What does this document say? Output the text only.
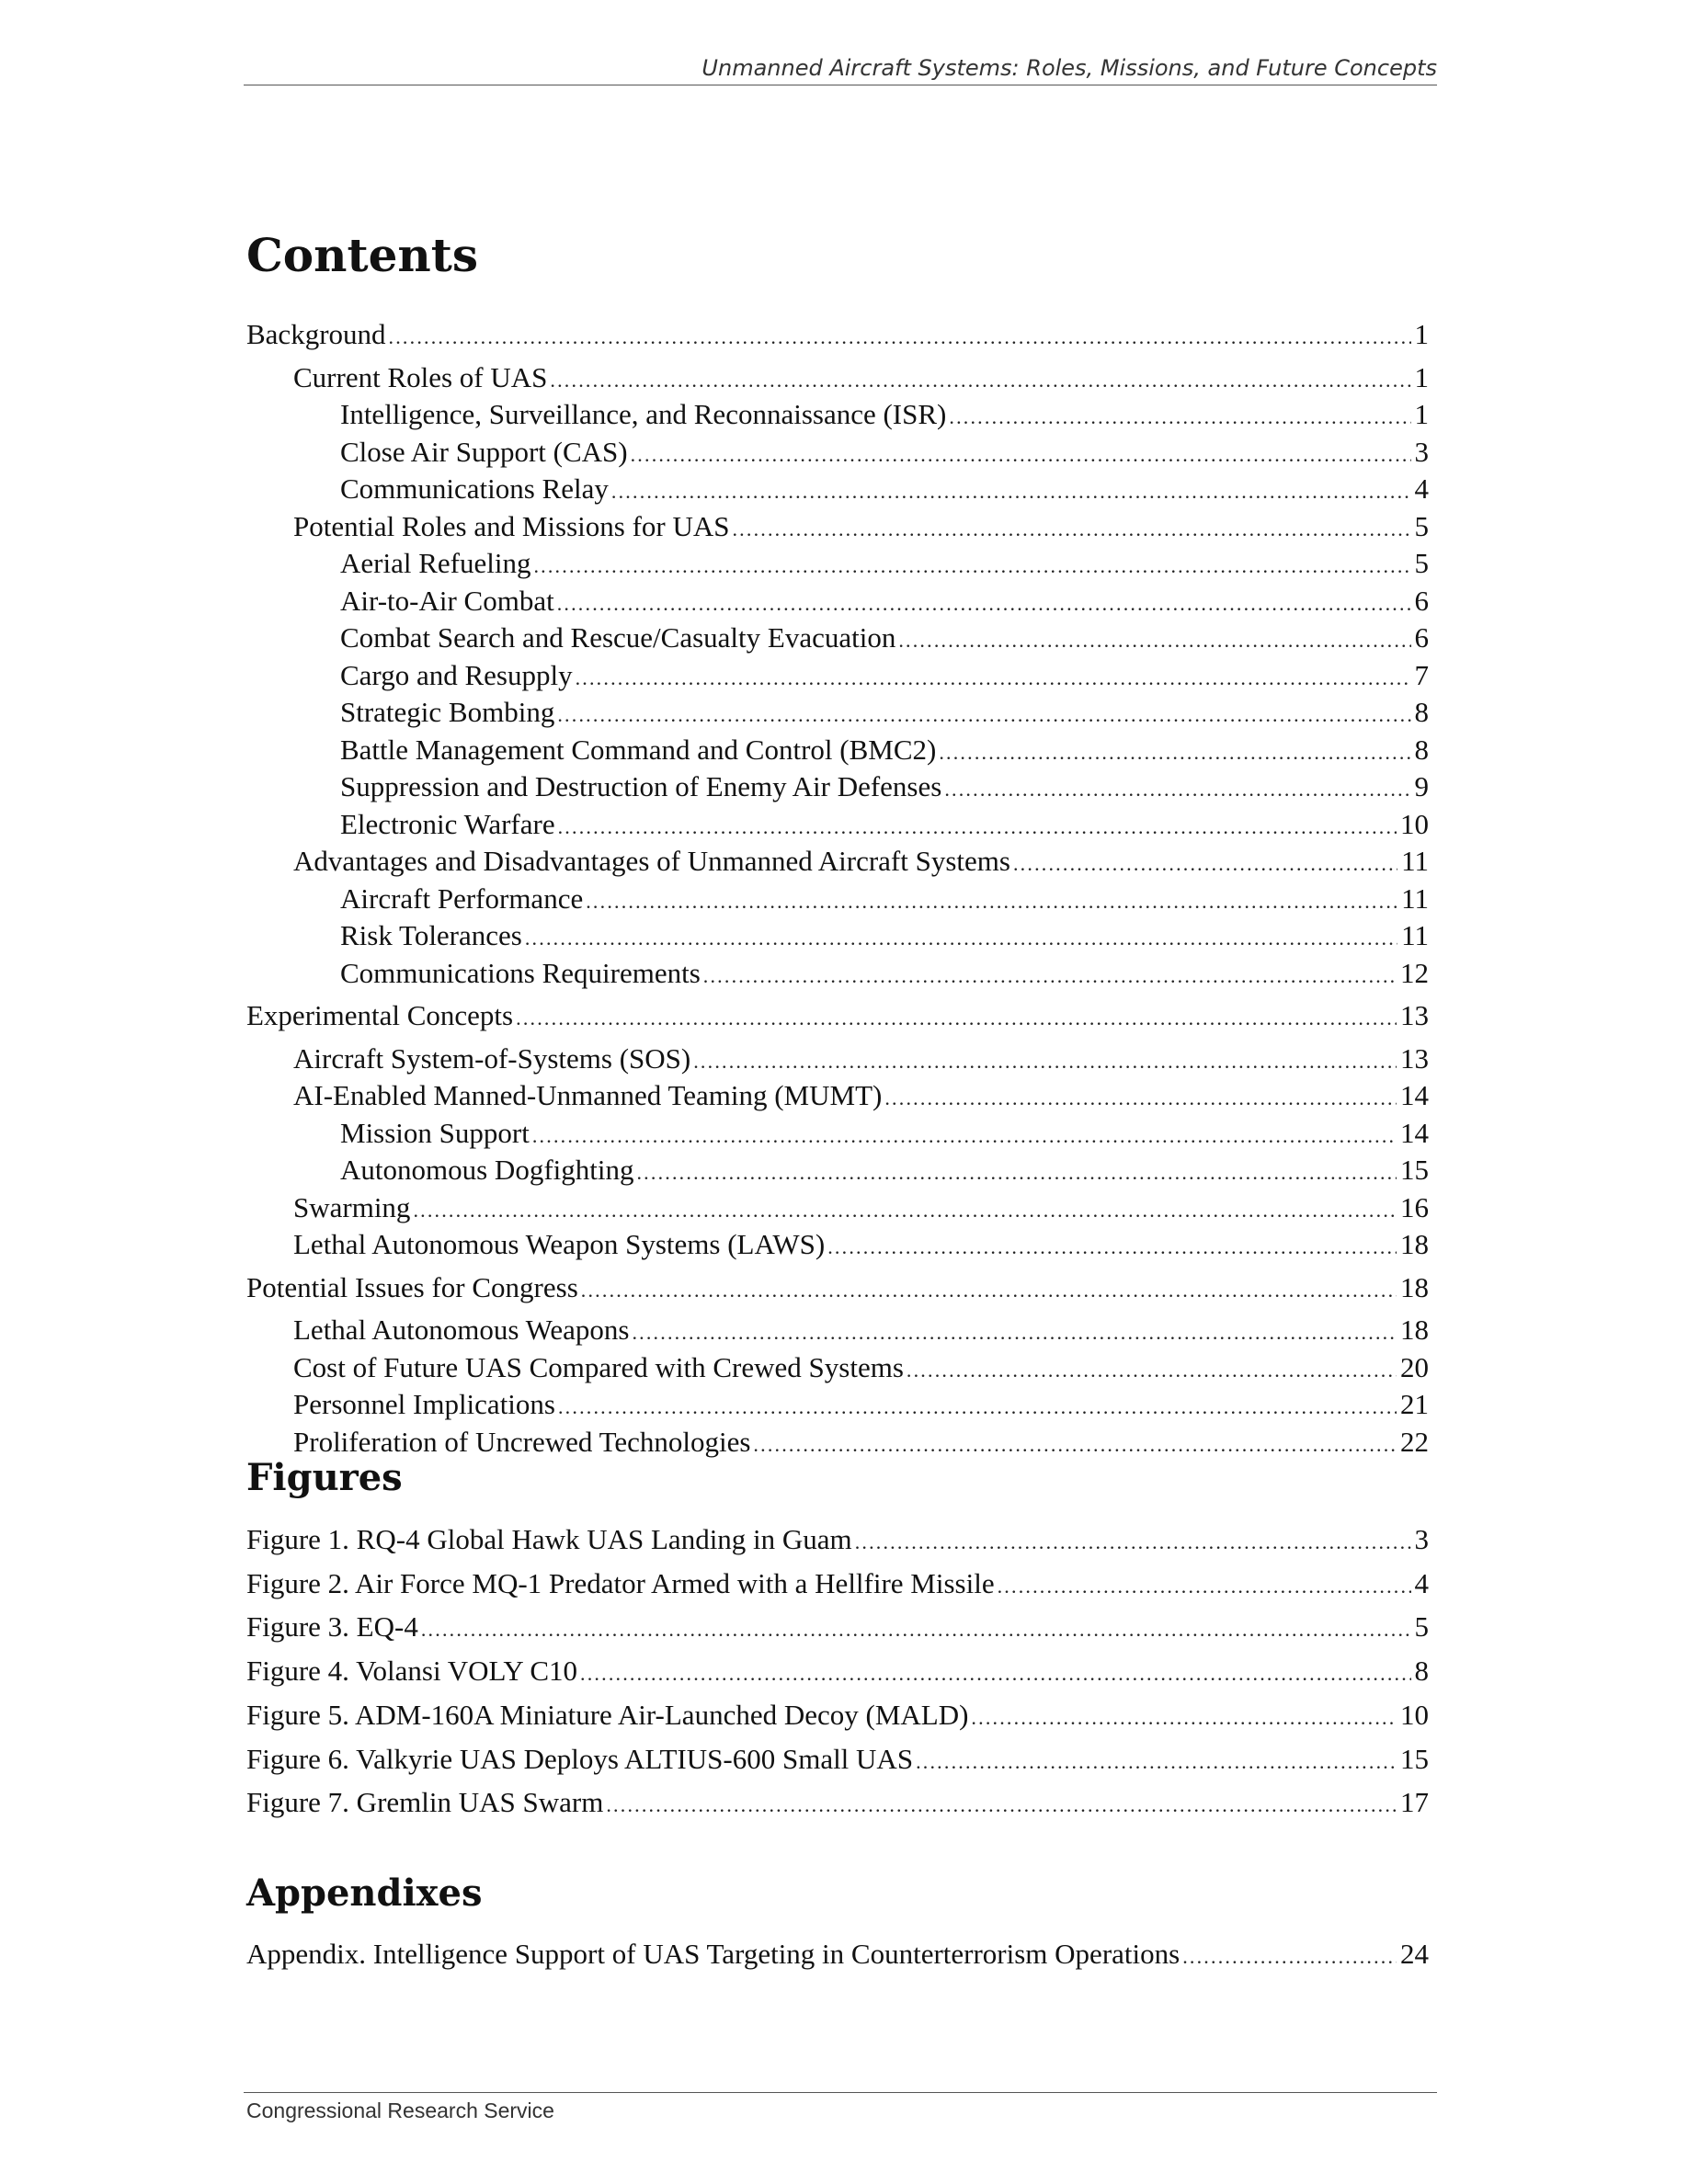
Unmanned Aircraft Systems: Roles, Missions, and Future Concepts
Contents
Background .....	1
Current Roles of UAS .....	1
Intelligence, Surveillance, and Reconnaissance (ISR) .....	1
Close Air Support (CAS) .....	3
Communications Relay .....	4
Potential Roles and Missions for UAS .....	5
Aerial Refueling .....	5
Air-to-Air Combat .....	6
Combat Search and Rescue/Casualty Evacuation .....	6
Cargo and Resupply .....	7
Strategic Bombing .....	8
Battle Management Command and Control (BMC2) .....	8
Suppression and Destruction of Enemy Air Defenses .....	9
Electronic Warfare .....	10
Advantages and Disadvantages of Unmanned Aircraft Systems .....	11
Aircraft Performance .....	11
Risk Tolerances .....	11
Communications Requirements .....	12
Experimental Concepts .....	13
Aircraft System-of-Systems (SOS) .....	13
AI-Enabled Manned-Unmanned Teaming (MUMT) .....	14
Mission Support .....	14
Autonomous Dogfighting .....	15
Swarming .....	16
Lethal Autonomous Weapon Systems (LAWS) .....	18
Potential Issues for Congress .....	18
Lethal Autonomous Weapons .....	18
Cost of Future UAS Compared with Crewed Systems .....	20
Personnel Implications .....	21
Proliferation of Uncrewed Technologies .....	22
Figures
Figure 1. RQ-4 Global Hawk UAS Landing in Guam .....	3
Figure 2. Air Force MQ-1 Predator Armed with a Hellfire Missile .....	4
Figure 3. EQ-4 .....	5
Figure 4. Volansi VOLY C10 .....	8
Figure 5. ADM-160A Miniature Air-Launched Decoy (MALD) .....	10
Figure 6. Valkyrie UAS Deploys ALTIUS-600 Small UAS .....	15
Figure 7. Gremlin UAS Swarm .....	17
Appendixes
Appendix. Intelligence Support of UAS Targeting in Counterterrorism Operations .....	24
Congressional Research Service
